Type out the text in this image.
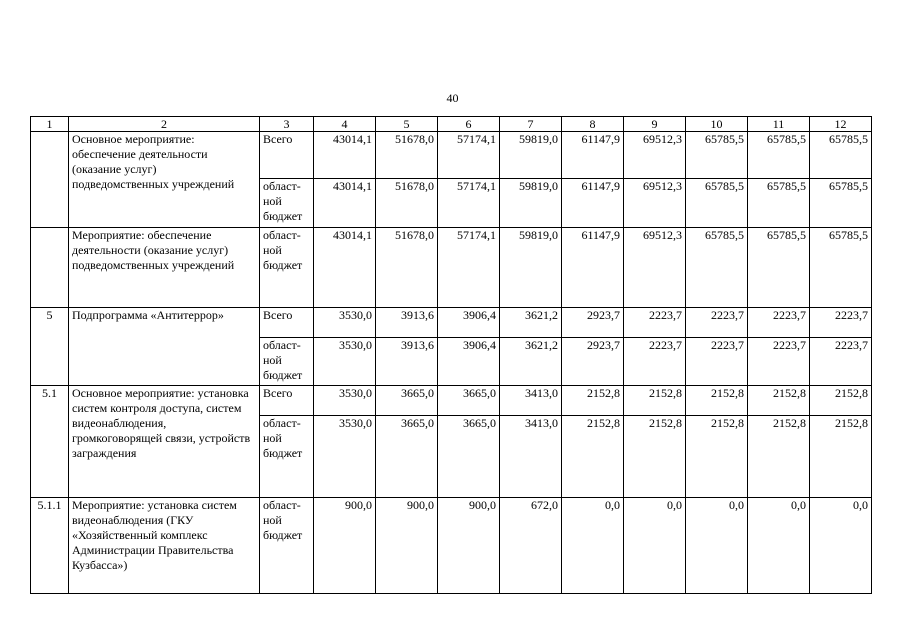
40
1	2	3	4	5	6	7	8	9	10	11	12
	Основное мероприятие: обеспечение деятельности (оказание услуг) подведомственных учреждений	Всего	43014,1	51678,0	57174,1	59819,0	61147,9	69512,3	65785,5	65785,5	65785,5
		област-ной бюджет	43014,1	51678,0	57174,1	59819,0	61147,9	69512,3	65785,5	65785,5	65785,5
	Мероприятие: обеспечение деятельности (оказание услуг) подведомственных учреждений	област-ной бюджет	43014,1	51678,0	57174,1	59819,0	61147,9	69512,3	65785,5	65785,5	65785,5
5	Подпрограмма «Антитеррор»	Всего	3530,0	3913,6	3906,4	3621,2	2923,7	2223,7	2223,7	2223,7	2223,7
		област-ной бюджет	3530,0	3913,6	3906,4	3621,2	2923,7	2223,7	2223,7	2223,7	2223,7
5.1	Основное мероприятие: установка систем контроля доступа, систем видеонаблюдения, громкоговорящей связи, устройств заграждения	Всего	3530,0	3665,0	3665,0	3413,0	2152,8	2152,8	2152,8	2152,8	2152,8
		област-ной бюджет	3530,0	3665,0	3665,0	3413,0	2152,8	2152,8	2152,8	2152,8	2152,8
5.1.1	Мероприятие: установка систем видеонаблюдения (ГКУ «Хозяйственный комплекс Администрации Правительства Кузбасса»)	област-ной бюджет	900,0	900,0	900,0	672,0	0,0	0,0	0,0	0,0	0,0
